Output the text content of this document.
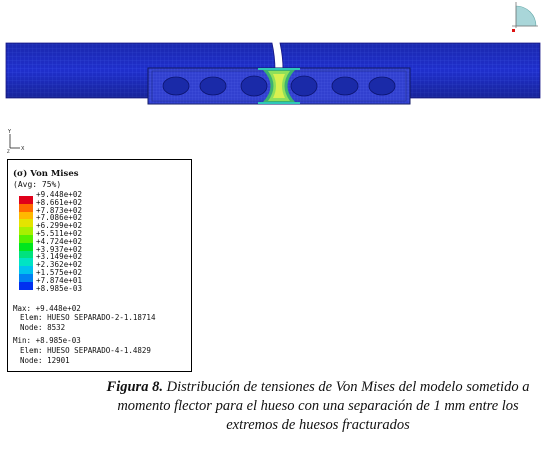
Y
X
Z
(σ) Von Mises
(Avg: 75%)
+9.448e+02
+8.661e+02
+7.873e+02
+7.086e+02
+6.299e+02
+5.511e+02
+4.724e+02
+3.937e+02
+3.149e+02
+2.362e+02
+1.575e+02
+7.874e+01
+8.985e-03
Max: +9.448e+02
Elem: HUESO SEPARADO-2-1.18714
Node: 8532
Min: +8.985e-03
Elem: HUESO SEPARADO-4-1.4829
Node: 12901
Figura 8. Distribución de tensiones de Von Mises del modelo sometido a momento flector para el hueso con una separación de 1 mm entre los extremos de huesos fracturados
